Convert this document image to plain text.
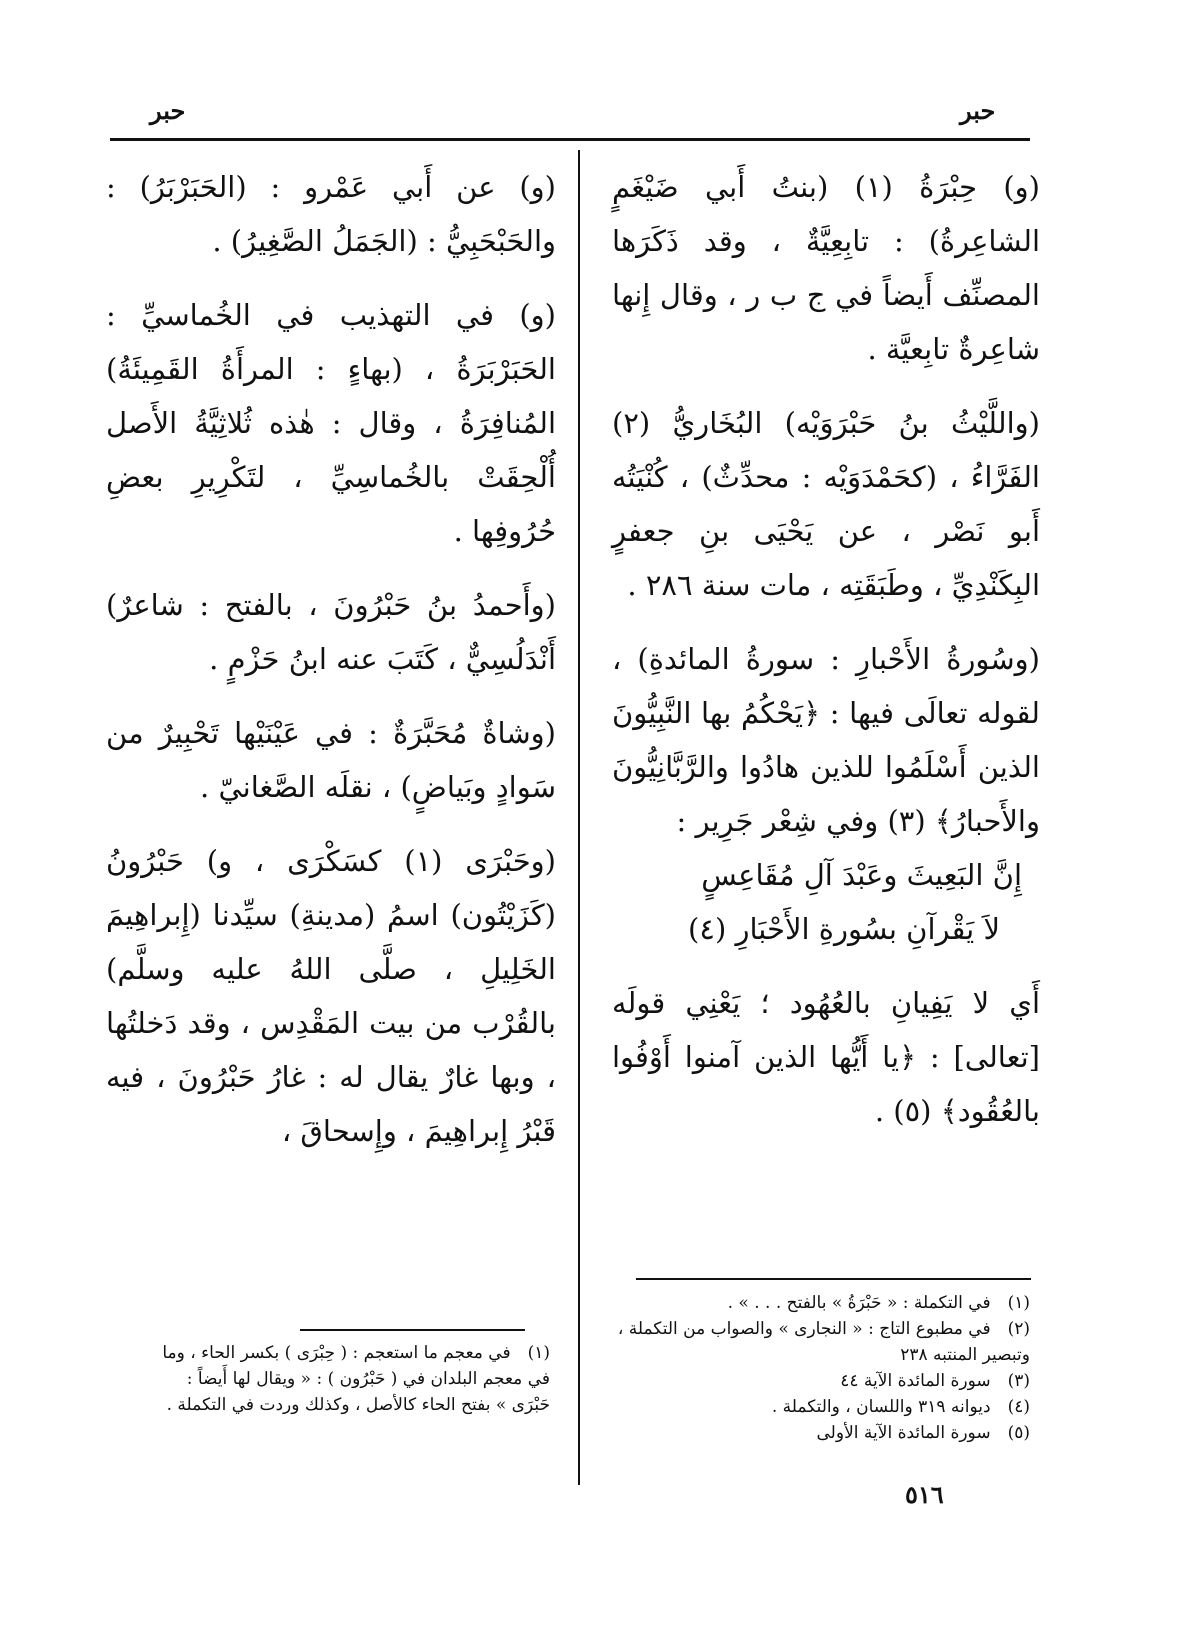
حبر	حبر

(و) حِبْرَةُ (١) (بنتُ أَبي ضَيْغَمٍ الشاعِرةُ) : تابِعِيَّةٌ ، وقد ذَكَرَها المصنِّف أَيضاً في ج ب ر ، وقال إِنها شاعِرةٌ تابِعيَّة .

(واللَّيْثُ بنُ حَبْرَوَيْه) البُخَاريُّ (٢) الفَرَّاءُ ، (كحَمْدَوَيْه : محدِّثٌ) ، كُنْيَتُه أَبو نَصْر ، عن يَحْيَى بنِ جعفرٍ البِكَنْدِيِّ ، وطَبَقَتِه ، مات سنة ٢٨٦ .

(وسُورةُ الأَحْبارِ : سورةُ المائدةِ) ، لقوله تعالَى فيها : ﴿يَحْكُمُ بها النَّبِيُّونَ الذين أَسْلَمُوا للذين هادُوا والرَّبَّانِيُّونَ والأَحبارُ﴾ (٣) وفي شِعْر جَرِير :

إِنَّ البَعِيثَ وعَبْدَ آلِ مُقَاعِسٍ
لاَ يَقْرآنِ بسُورةِ الأَحْبَارِ (٤)

أَي لا يَفِيانِ بالعُهُود ؛ يَعْنِي قولَه [تعالى] : ﴿يا أَيُّها الذين آمنوا أَوْفُوا بالعُقُود﴾ (٥) .

(و) عن أَبي عَمْرو : (الحَبَرْبَرُ) : والحَبْحَبِيُّ : (الجَمَلُ الصَّغِيرُ) .

(و) في التهذيب في الخُماسيِّ : الحَبَرْبَرَةُ ، (بهاءٍ : المرأَةُ القَمِيئَةُ) المُنافِرَةُ ، وقال : هٰذه ثُلاثِيَّةُ الأَصل أُلْحِقَتْ بالخُماسِيِّ ، لتَكْرِيرِ بعضِ حُرُوفِها .

(وأَحمدُ بنُ حَبْرُونَ ، بالفتح : شاعرٌ) أَنْدَلُسِيٌّ ، كَتَبَ عنه ابنُ حَزْمٍ .

(وشاةٌ مُحَبَّرَةٌ : في عَيْنَيْها تَحْبِيرٌ من سَوادٍ وبَياضٍ) ، نقلَه الصَّغانيّ .

(وحَبْرَى (١) كسَكْرَى ، و) حَبْرُونُ (كَزَيْتُون) اسمُ (مدينةِ) سيِّدنا (إِبراهِيمَ الخَلِيلِ ، صلَّى اللهُ عليه وسلَّم) بالقُرْب من بيت المَقْدِس ، وقد دَخلتُها ، وبها غارٌ يقال له : غارُ حَبْرُونَ ، فيه قَبْرُ إِبراهِيمَ ، وإِسحاقَ ،

(١) في التكملة : « حَبْرَةُ » بالفتح . . . » .
(٢) في مطبوع التاج : « النجارى » والصواب من التكملة ، وتبصير المنتبه ٢٣٨
(٣) سورة المائدة الآية ٤٤
(٤) ديوانه ٣١٩ واللسان ، والتكملة .
(٥) سورة المائدة الآية الأولى
(١) في معجم ما استعجم : ( حِبْرَى ) بكسر الحاء ، وما في معجم البلدان في ( حَبْرُون ) : « ويقال لها أَيضاً : حَبْرَى » بفتح الحاء كالأصل ، وكذلك وردت في التكملة .
٥١٦
